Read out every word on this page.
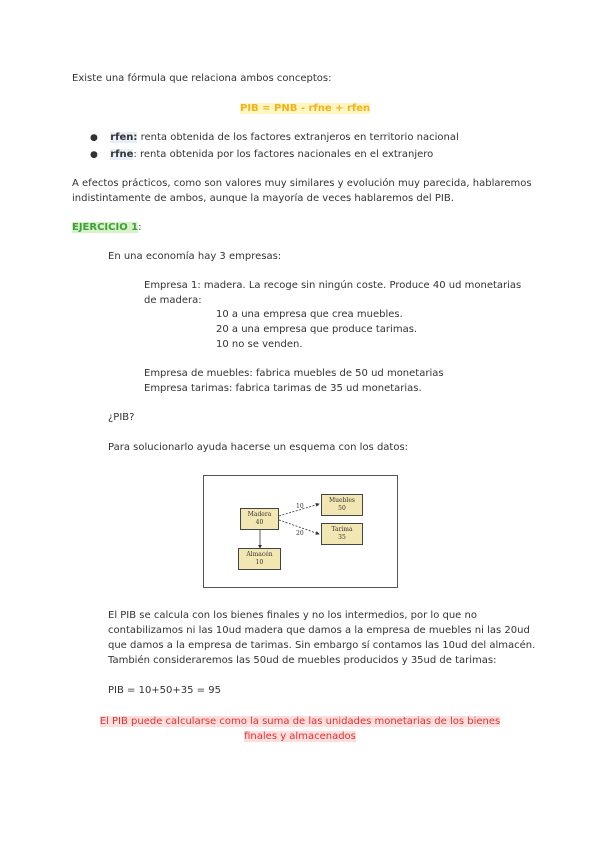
Existe una fórmula que relaciona ambos conceptos:
PIB = PNB - rfne + rfen
● rfen: renta obtenida de los factores extranjeros en territorio nacional
● rfne: renta obtenida por los factores nacionales en el extranjero
A efectos prácticos, como son valores muy similares y evolución muy parecida, hablaremos
indistintamente de ambos, aunque la mayoría de veces hablaremos del PIB.
EJERCICIO 1:
En una economía hay 3 empresas:
Empresa 1: madera. La recoge sin ningún coste. Produce 40 ud monetarias
de madera:
10 a una empresa que crea muebles.
20 a una empresa que produce tarimas.
10 no se venden.
Empresa de muebles: fabrica muebles de 50 ud monetarias
Empresa tarimas: fabrica tarimas de 35 ud monetarias.
¿PIB?
Para solucionarlo ayuda hacerse un esquema con los datos:
10
20
Madera
40
Muebles
50
Tarima
35
Almacén
10
El PIB se calcula con los bienes finales y no los intermedios, por lo que no
contabilizamos ni las 10ud madera que damos a la empresa de muebles ni las 20ud
que damos a la empresa de tarimas. Sin embargo sí contamos las 10ud del almacén.
También consideraremos las 50ud de muebles producidos y 35ud de tarimas:
PIB = 10+50+35 = 95
El PIB puede calcularse como la suma de las unidades monetarias de los bienes
finales y almacenados
